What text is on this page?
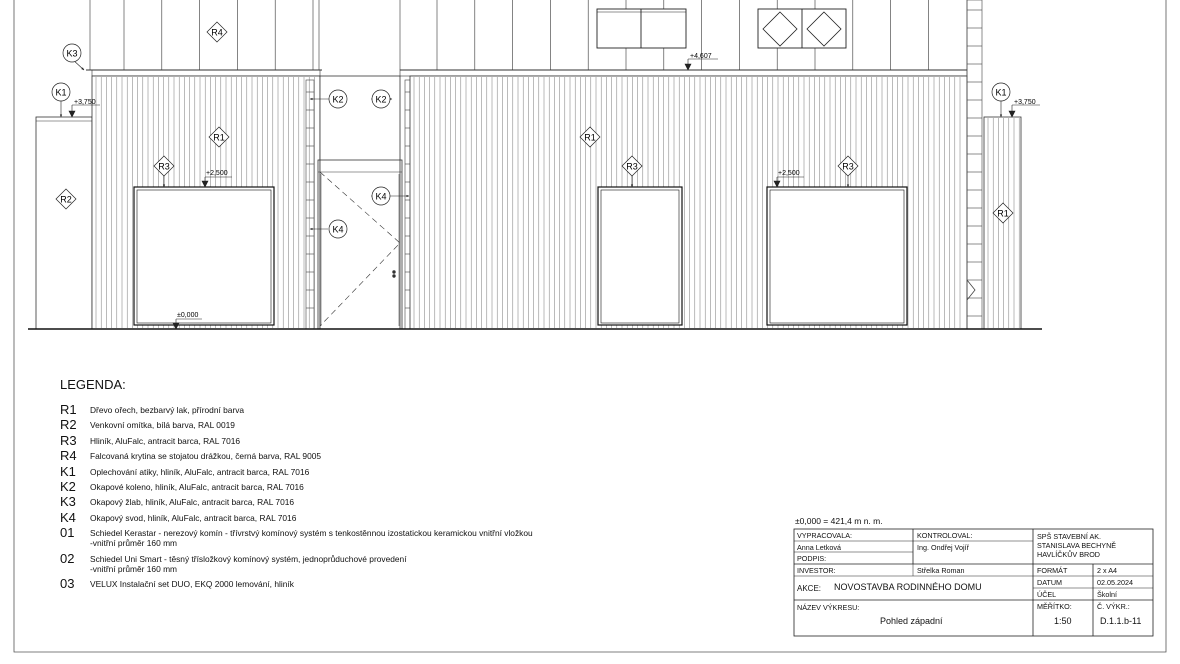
+3,750	+3,750
+4,607
+2,500	+2,500
±0,000
R4
R1	R1
R1
R2
R3	R3	R3
K3
K1	K1
K2	K2
K4
K4
LEGENDA:
R1 Dřevo ořech, bezbarvý lak, přírodní barva
R2 Venkovní omítka, bílá barva, RAL 0019
R3 Hliník, AluFalc, antracit barca, RAL 7016
R4 Falcovaná krytina se stojatou drážkou, černá barva, RAL 9005
K1 Oplechování atiky, hliník, AluFalc, antracit barca, RAL 7016
K2 Okapové koleno, hliník, AluFalc, antracit barca, RAL 7016
K3 Okapový žlab, hliník, AluFalc, antracit barca, RAL 7016
K4 Okapový svod, hliník, AluFalc, antracit barca, RAL 7016
01 Schiedel Kerastar - nerezový komín - třívrstvý komínový systém s tenkostěnnou izostatickou keramickou vnitřní vložkou
-vnitřní průměr 160 mm
02 Schiedel Uni Smart - těsný třísložkový komínový systém, jednoprůduchové provedení
-vnitřní průměr 160 mm
03 VELUX Instalační set DUO, EKQ 2000 lemování, hliník
±0,000 = 421,4 m n. m.
VYPRACOVALA:	KONTROLOVAL:
Anna Letková	Ing. Ondřej Vojíř
PODPIS:
INVESTOR:	Střelka Roman
AKCE: NOVOSTAVBA RODINNÉHO DOMU
NÁZEV VÝKRESU:
Pohled západní
SPŠ STAVEBNÍ AK.
STANISLAVA BECHYNĚ
HAVLÍČKŮV BROD
FORMÁT	2 x A4
DATUM	02.05.2024
ÚČEL	Školní
MĚŘÍTKO:	Č. VÝKR.:
1:50	D.1.1.b-11
